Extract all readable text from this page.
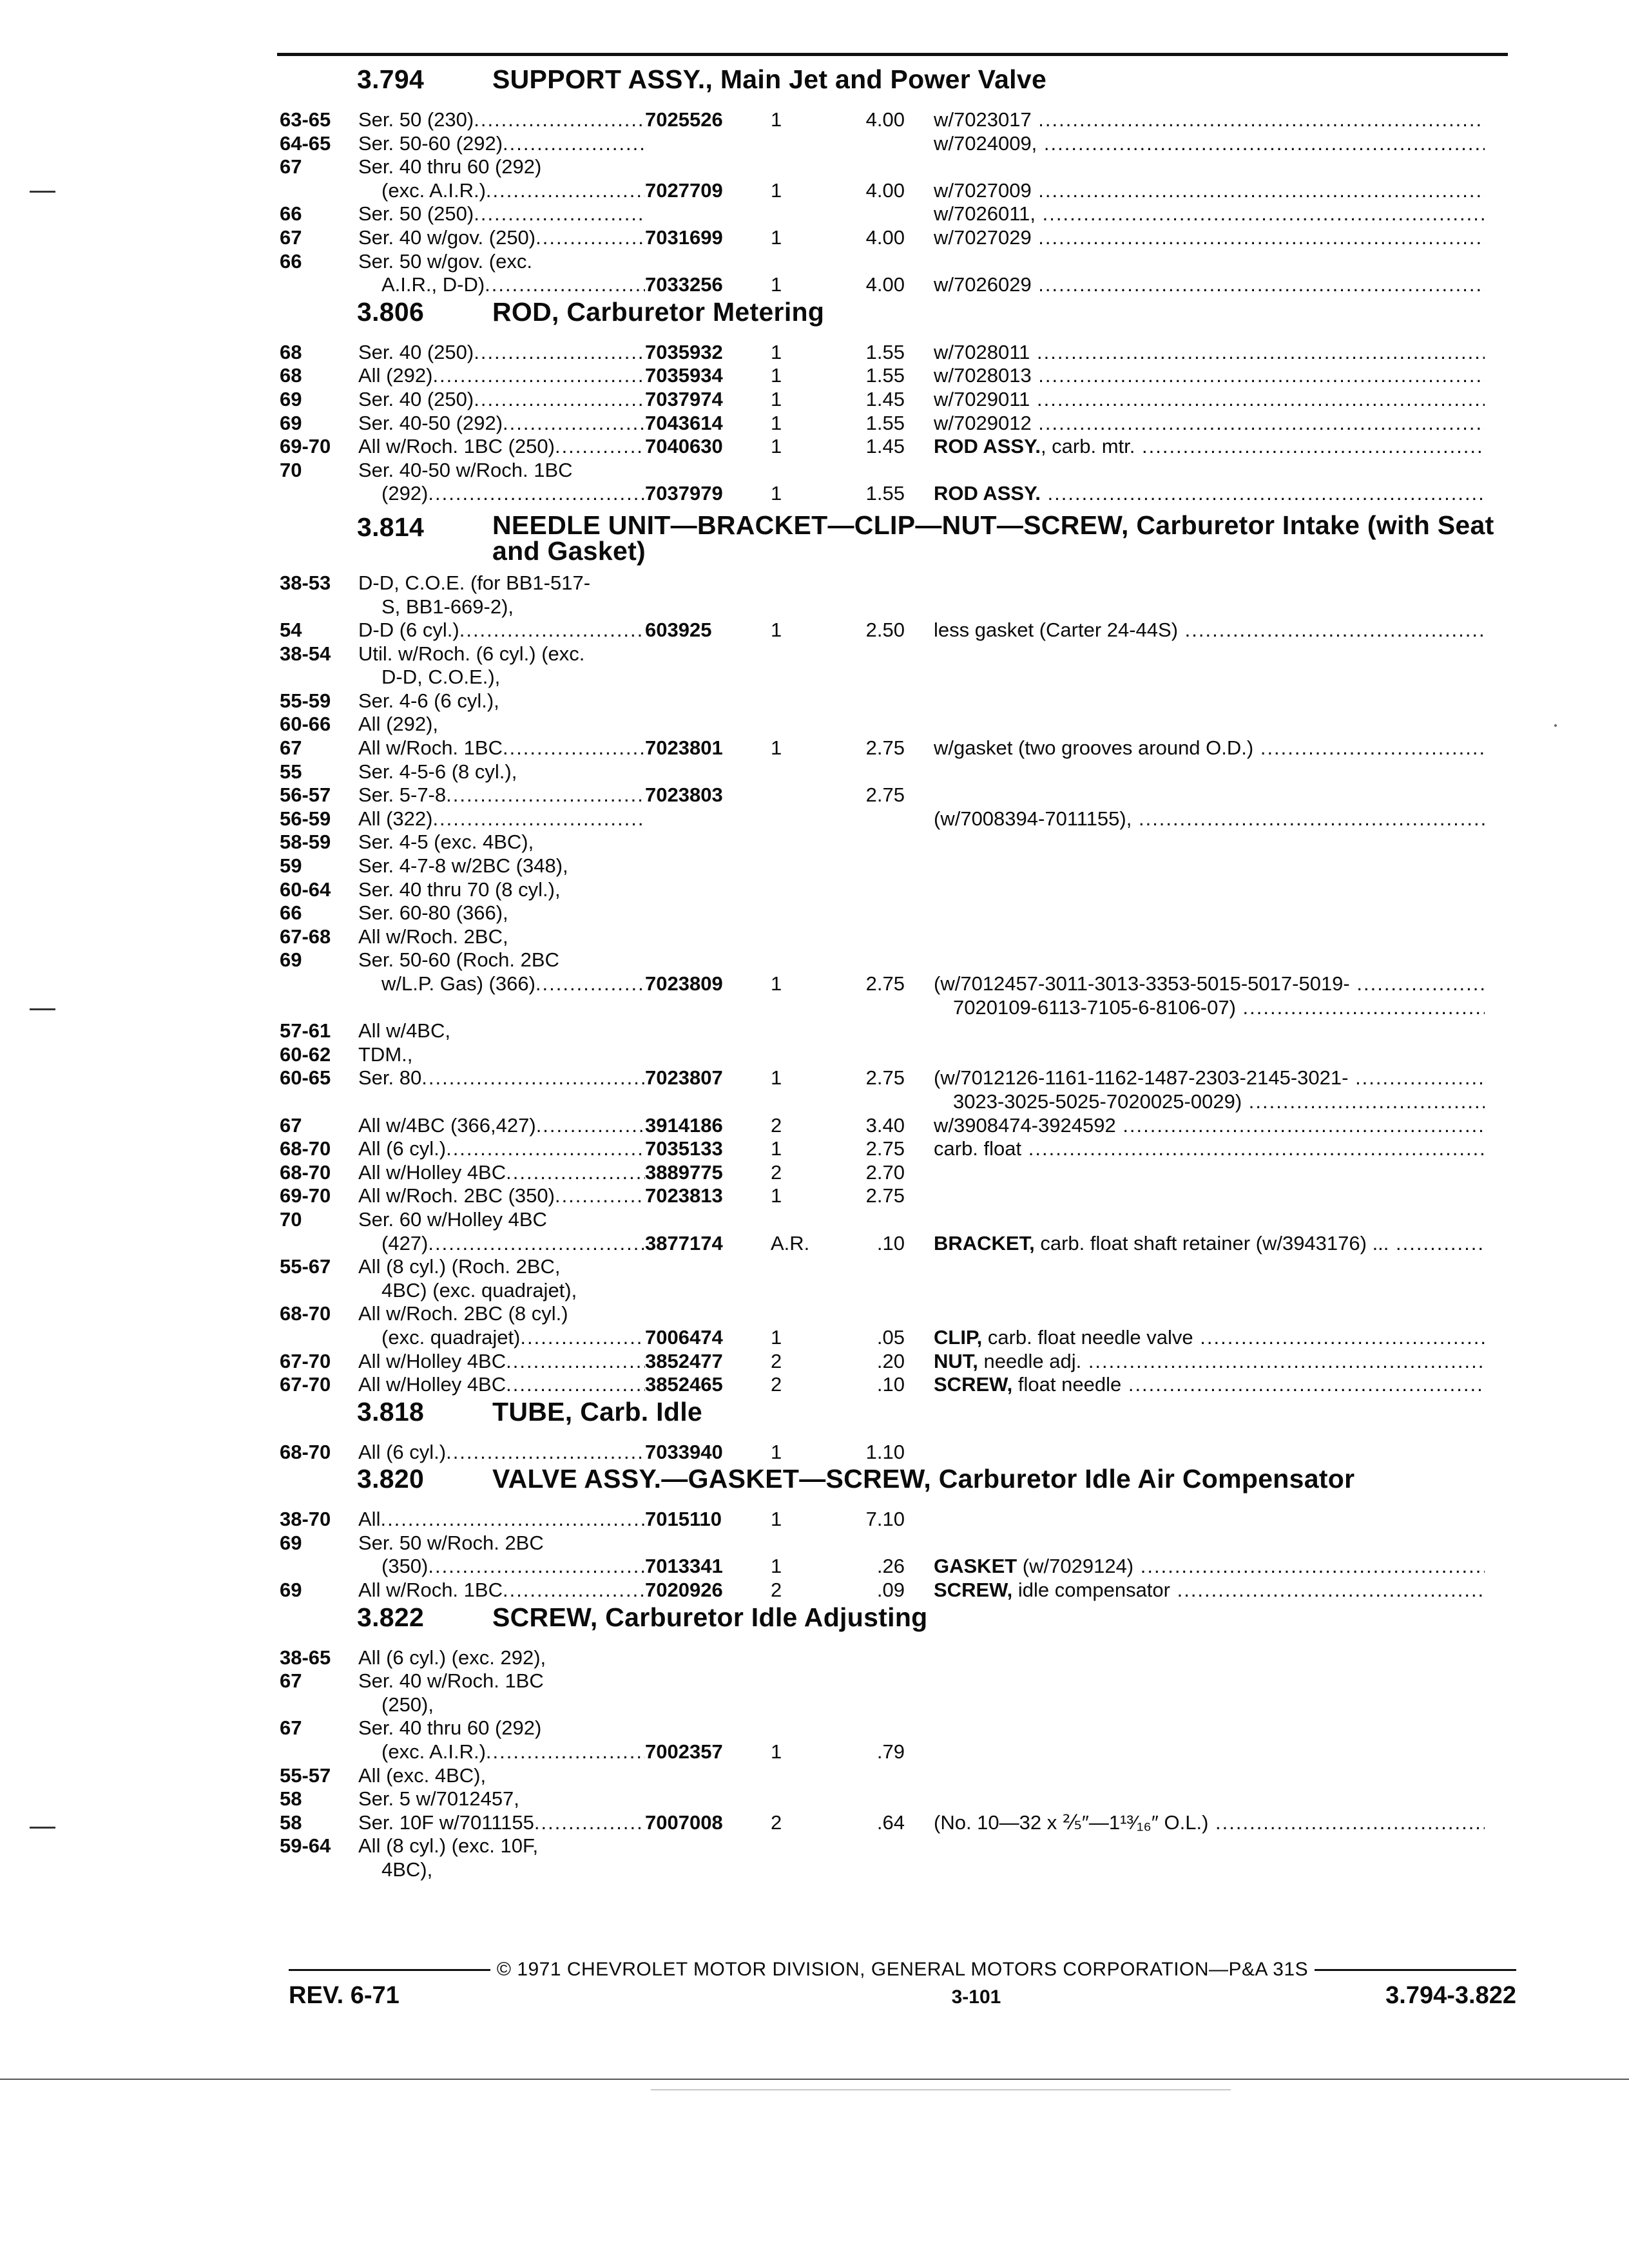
3.794	SUPPORT ASSY., Main Jet and Power Valve
63-65	Ser. 50 (230) .....	7025526	1	4.00	w/7023017 .....
64-65	Ser. 50-60 (292) .....	w/7024009, .....
67	Ser. 40 thru 60 (292)
(exc. A.I.R.) .....	7027709	1	4.00	w/7027009 .....
66	Ser. 50 (250) .....	w/7026011, .....
67	Ser. 40 w/gov. (250) .....	7031699	1	4.00	w/7027029 .....
66	Ser. 50 w/gov. (exc.
A.I.R., D-D) .....	7033256	1	4.00	w/7026029 .....
3.806	ROD, Carburetor Metering
68	Ser. 40 (250) .....	7035932	1	1.55	w/7028011 .....
68	All (292) .....	7035934	1	1.55	w/7028013 .....
69	Ser. 40 (250) .....	7037974	1	1.45	w/7029011 .....
69	Ser. 40-50 (292) .....	7043614	1	1.55	w/7029012 .....
69-70	All w/Roch. 1BC (250) .....	7040630	1	1.45	ROD ASSY., carb. mtr. .....
70	Ser. 40-50 w/Roch. 1BC
(292) .....	7037979	1	1.55	ROD ASSY. .....
3.814	NEEDLE UNIT—BRACKET—CLIP—NUT—SCREW, Carburetor Intake (with Seat and Gasket)
38-53	D-D, C.O.E. (for BB1-517-
S, BB1-669-2),
54	D-D (6 cyl.) .....	603925	1	2.50	less gasket (Carter 24-44S) .....
38-54	Util. w/Roch. (6 cyl.) (exc.
D-D, C.O.E.),
55-59	Ser. 4-6 (6 cyl.),
60-66	All (292),
67	All w/Roch. 1BC .....	7023801	1	2.75	w/gasket (two grooves around O.D.) .....
55	Ser. 4-5-6 (8 cyl.),
56-57	Ser. 5-7-8 .....	7023803	2.75
56-59	All (322) .....	(w/7008394-7011155), .....
58-59	Ser. 4-5 (exc. 4BC),
59	Ser. 4-7-8 w/2BC (348),
60-64	Ser. 40 thru 70 (8 cyl.),
66	Ser. 60-80 (366),
67-68	All w/Roch. 2BC,
69	Ser. 50-60 (Roch. 2BC
w/L.P. Gas) (366) .....	7023809	1	2.75	(w/7012457-3011-3013-3353-5015-5017-5019- .....
7020109-6113-7105-6-8106-07) .....
57-61	All w/4BC,
60-62	TDM.,
60-65	Ser. 80 .....	7023807	1	2.75	(w/7012126-1161-1162-1487-2303-2145-3021- .....
3023-3025-5025-7020025-0029) .....
67	All w/4BC (366,427) .....	3914186	2	3.40	w/3908474-3924592 .....
68-70	All (6 cyl.) .....	7035133	1	2.75	carb. float .....
68-70	All w/Holley 4BC .....	3889775	2	2.70
69-70	All w/Roch. 2BC (350) .....	7023813	1	2.75
70	Ser. 60 w/Holley 4BC
(427) .....	3877174	A.R.	.10	BRACKET, carb. float shaft retainer (w/3943176) ... .....
55-67	All (8 cyl.) (Roch. 2BC,
4BC) (exc. quadrajet),
68-70	All w/Roch. 2BC (8 cyl.)
(exc. quadrajet) .....	7006474	1	.05	CLIP, carb. float needle valve .....
67-70	All w/Holley 4BC .....	3852477	2	.20	NUT, needle adj. .....
67-70	All w/Holley 4BC .....	3852465	2	.10	SCREW, float needle .....
3.818	TUBE, Carb. Idle
68-70	All (6 cyl.) .....	7033940	1	1.10
3.820	VALVE ASSY.—GASKET—SCREW, Carburetor Idle Air Compensator
38-70	All .....	7015110	1	7.10
69	Ser. 50 w/Roch. 2BC
(350) .....	7013341	1	.26	GASKET (w/7029124) .....
69	All w/Roch. 1BC .....	7020926	2	.09	SCREW, idle compensator .....
3.822	SCREW, Carburetor Idle Adjusting
38-65	All (6 cyl.) (exc. 292),
67	Ser. 40 w/Roch. 1BC
(250),
67	Ser. 40 thru 60 (292)
(exc. A.I.R.) .....	7002357	1	.79
55-57	All (exc. 4BC),
58	Ser. 5 w/7012457,
58	Ser. 10F w/7011155 .....	7007008	2	.64	(No. 10—32 x ⅖″—1¹³⁄₁₆″ O.L.) .....
59-64	All (8 cyl.) (exc. 10F,
4BC),
© 1971 CHEVROLET MOTOR DIVISION, GENERAL MOTORS CORPORATION—P&A 31S
REV. 6-71	3-101	3.794-3.822
